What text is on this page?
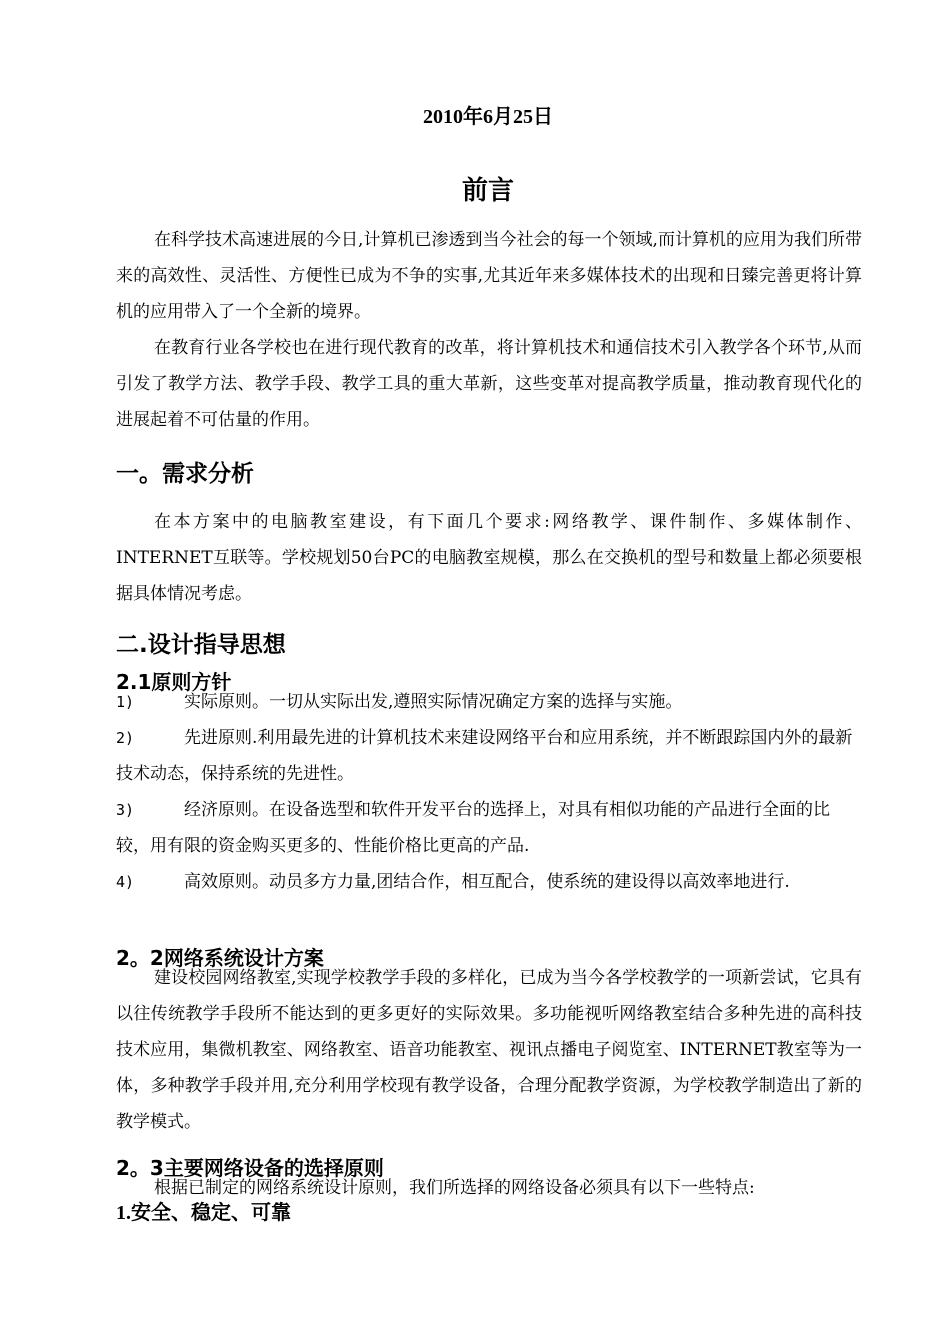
2010年6月25日
前言

在科学技术高速进展的今日,计算机已渗透到当今社会的每一个领域,而计算机的应用为我们所带来的高效性、灵活性、方便性已成为不争的实事,尤其近年来多媒体技术的出现和日臻完善更将计算机的应用带入了一个全新的境界。

在教育行业各学校也在进行现代教育的改革，将计算机技术和通信技术引入教学各个环节,从而引发了教学方法、教学手段、教学工具的重大革新，这些变革对提高教学质量，推动教育现代化的进展起着不可估量的作用。

一。需求分析

在本方案中的电脑教室建设，有下面几个要求:网络教学、课件制作、多媒体制作、INTERNET互联等。学校规划50台PC的电脑教室规模，那么在交换机的型号和数量上都必须要根据具体情况考虑。

二.设计指导思想
2.1原则方针

1)	实际原则。一切从实际出发,遵照实际情况确定方案的选择与实施。

2)	先进原则.利用最先进的计算机技术来建设网络平台和应用系统，并不断跟踪国内外的最新技术动态，保持系统的先进性。

3)	经济原则。在设备选型和软件开发平台的选择上，对具有相似功能的产品进行全面的比较，用有限的资金购买更多的、性能价格比更高的产品.

4)	高效原则。动员多方力量,团结合作，相互配合，使系统的建设得以高效率地进行.

2。2网络系统设计方案

建设校园网络教室,实现学校教学手段的多样化，已成为当今各学校教学的一项新尝试，它具有以往传统教学手段所不能达到的更多更好的实际效果。多功能视听网络教室结合多种先进的高科技技术应用，集微机教室、网络教室、语音功能教室、视讯点播电子阅览室、INTERNET教室等为一体，多种教学手段并用,充分利用学校现有教学设备，合理分配教学资源，为学校教学制造出了新的教学模式。

2。3主要网络设备的选择原则

根据已制定的网络系统设计原则，我们所选择的网络设备必须具有以下一些特点:

1.安全、稳定、可靠
